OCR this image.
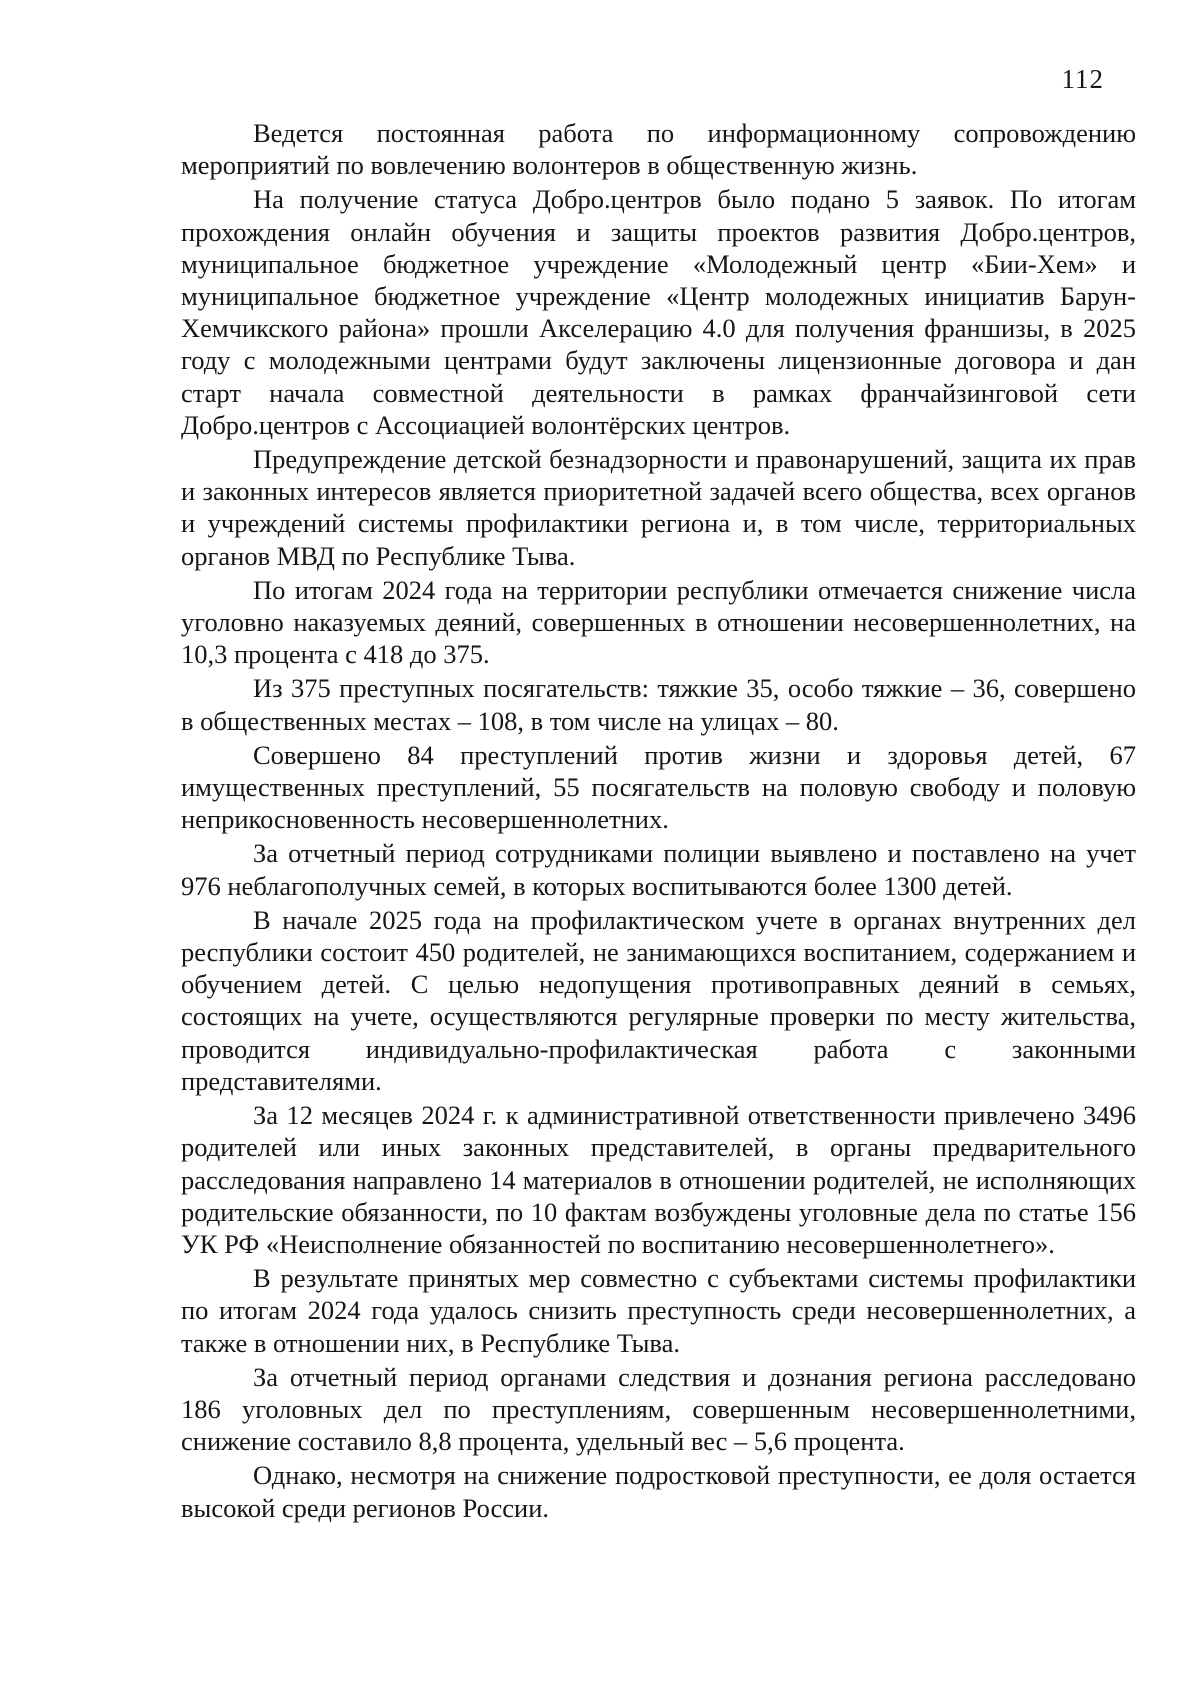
112

Ведется постоянная работа по информационному сопровождению мероприятий по вовлечению волонтеров в общественную жизнь.

На получение статуса Добро.центров было подано 5 заявок. По итогам прохождения онлайн обучения и защиты проектов развития Добро.центров, муниципальное бюджетное учреждение «Молодежный центр «Бии-Хем» и муниципальное бюджетное учреждение «Центр молодежных инициатив Барун-Хемчикского района» прошли Акселерацию 4.0 для получения франшизы, в 2025 году с молодежными центрами будут заключены лицензионные договора и дан старт начала совместной деятельности в рамках франчайзинговой сети Добро.центров с Ассоциацией волонтёрских центров.

Предупреждение детской безнадзорности и правонарушений, защита их прав и законных интересов является приоритетной задачей всего общества, всех органов и учреждений системы профилактики региона и, в том числе, территориальных органов МВД по Республике Тыва.

По итогам 2024 года на территории республики отмечается снижение числа уголовно наказуемых деяний, совершенных в отношении несовершеннолетних, на 10,3 процента с 418 до 375.

Из 375 преступных посягательств: тяжкие 35, особо тяжкие – 36, совершено в общественных местах – 108, в том числе на улицах – 80.

Совершено 84 преступлений против жизни и здоровья детей, 67 имущественных преступлений, 55 посягательств на половую свободу и половую неприкосновенность несовершеннолетних.

За отчетный период сотрудниками полиции выявлено и поставлено на учет 976 неблагополучных семей, в которых воспитываются более 1300 детей.

В начале 2025 года на профилактическом учете в органах внутренних дел республики состоит 450 родителей, не занимающихся воспитанием, содержанием и обучением детей. С целью недопущения противоправных деяний в семьях, состоящих на учете, осуществляются регулярные проверки по месту жительства, проводится индивидуально-профилактическая работа с законными представителями.

За 12 месяцев 2024 г. к административной ответственности привлечено 3496 родителей или иных законных представителей, в органы предварительного расследования направлено 14 материалов в отношении родителей, не исполняющих родительские обязанности, по 10 фактам возбуждены уголовные дела по статье 156 УК РФ «Неисполнение обязанностей по воспитанию несовершеннолетнего».

В результате принятых мер совместно с субъектами системы профилактики по итогам 2024 года удалось снизить преступность среди несовершеннолетних, а также в отношении них, в Республике Тыва.

За отчетный период органами следствия и дознания региона расследовано 186 уголовных дел по преступлениям, совершенным несовершеннолетними, снижение составило 8,8 процента, удельный вес – 5,6 процента.

Однако, несмотря на снижение подростковой преступности, ее доля остается высокой среди регионов России.
